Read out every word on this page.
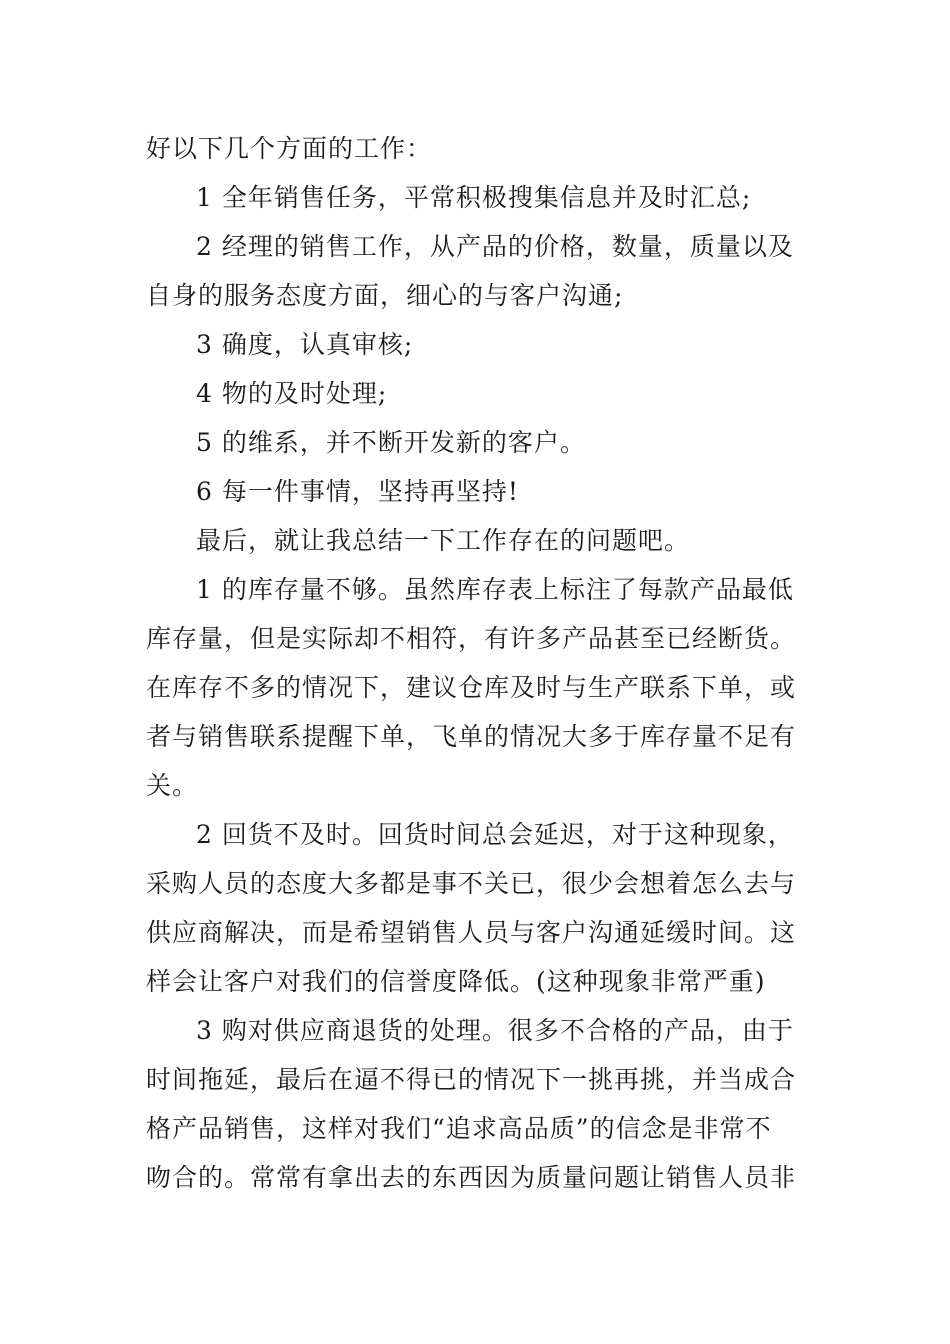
好以下几个方面的工作：

1 全年销售任务，平常积极搜集信息并及时汇总;

2 经理的销售工作，从产品的价格，数量，质量以及
自身的服务态度方面，细心的与客户沟通;

3 确度，认真审核;

4 物的及时处理;

5 的维系，并不断开发新的客户。

6 每一件事情，坚持再坚持!

最后，就让我总结一下工作存在的问题吧。

1 的库存量不够。虽然库存表上标注了每款产品最低
库存量，但是实际却不相符，有许多产品甚至已经断货。
在库存不多的情况下，建议仓库及时与生产联系下单，或
者与销售联系提醒下单，飞单的情况大多于库存量不足有
关。

2 回货不及时。回货时间总会延迟，对于这种现象，
采购人员的态度大多都是事不关已，很少会想着怎么去与
供应商解决，而是希望销售人员与客户沟通延缓时间。这
样会让客户对我们的信誉度降低。(这种现象非常严重)

3 购对供应商退货的处理。很多不合格的产品，由于
时间拖延，最后在逼不得已的情况下一挑再挑，并当成合
格产品销售，这样对我们“追求高品质”的信念是非常不
吻合的。常常有拿出去的东西因为质量问题让销售人员非
